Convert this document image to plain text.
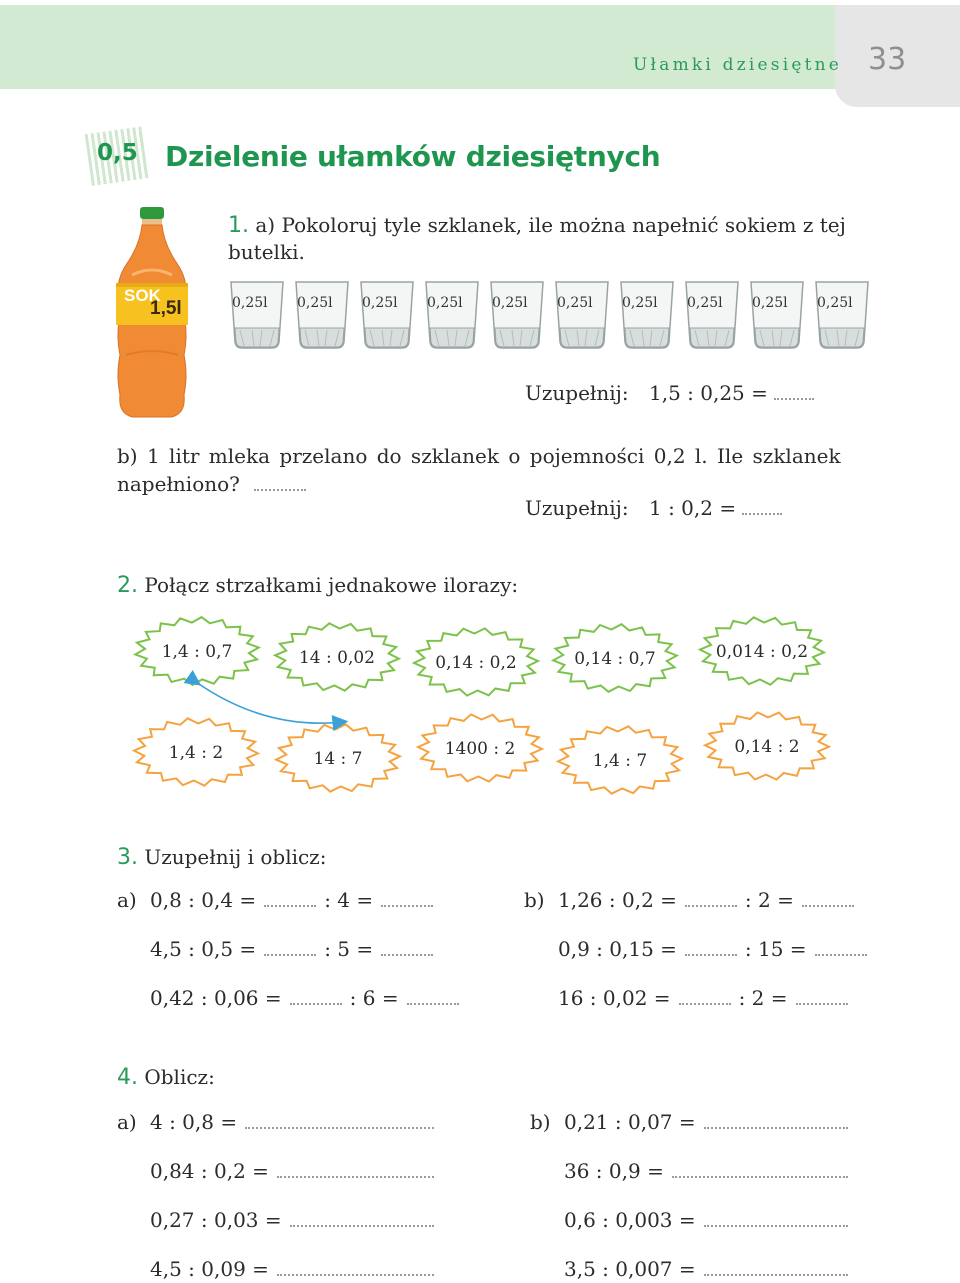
Ułamki dziesiętne 33
0,5 Dzielenie ułamków dziesiętnych
SOK
1,5l
1. a) Pokoloruj tyle szklanek, ile można napełnić sokiem z tej
butelki.
0,25l 0,25l 0,25l 0,25l 0,25l 0,25l 0,25l 0,25l 0,25l 0,25l
Uzupełnij: 1,5 : 0,25 =
b) 1 litr mleka przelano do szklanek o pojemności 0,2 l. Ile szklanek
napełniono?
Uzupełnij: 1 : 0,2 =
2. Połącz strzałkami jednakowe ilorazy:
1,4 : 0,7	14 : 0,02	0,14 : 0,2	0,14 : 0,7	0,014 : 0,2
1,4 : 2	14 : 7	1400 : 2
1,4 : 7
0,14 : 2
3. Uzupełnij i oblicz:
a)	b)
0,8 : 0,4 =	: 4 =
4,5 : 0,5 =	: 5 =
0,42 : 0,06 =	: 6 =
1,26 : 0,2 =	: 2 =
0,9 : 0,15 =	: 15 =
16 : 0,02 =	: 2 =
4. Oblicz:
a)	b)
4 : 0,8 =
0,84 : 0,2 =
0,27 : 0,03 =
4,5 : 0,09 =
0,21 : 0,07 =
36 : 0,9 =
0,6 : 0,003 =
3,5 : 0,007 =
